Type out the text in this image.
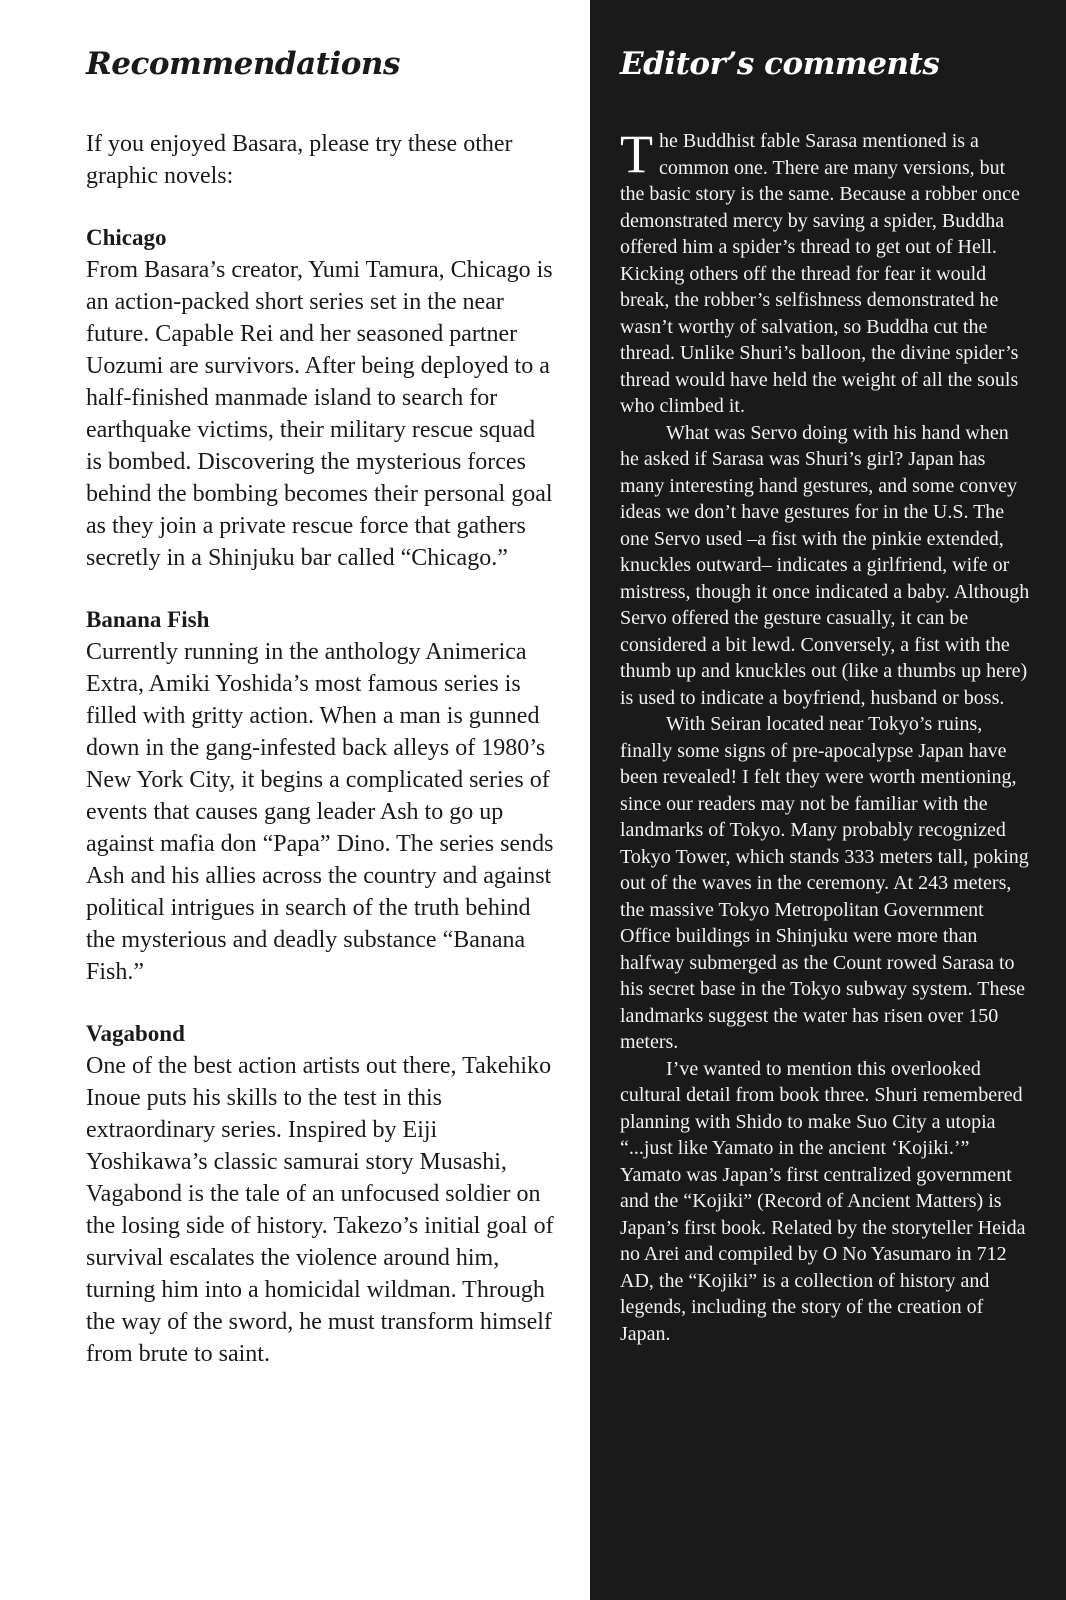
Recommendations

If you enjoyed Basara, please try these other graphic novels:

Chicago

From Basara’s creator, Yumi Tamura, Chicago is an action-packed short series set in the near future. Capable Rei and her seasoned partner Uozumi are survivors. After being deployed to a half-finished manmade island to search for earthquake victims, their military rescue squad is bombed. Discovering the mysterious forces behind the bombing becomes their personal goal as they join a private rescue force that gathers secretly in a Shinjuku bar called “Chicago.”

Banana Fish

Currently running in the anthology Animerica Extra, Amiki Yoshida’s most famous series is filled with gritty action. When a man is gunned down in the gang-infested back alleys of 1980’s New York City, it begins a complicated series of events that causes gang leader Ash to go up against mafia don “Papa” Dino. The series sends Ash and his allies across the country and against political intrigues in search of the truth behind the mysterious and deadly substance “Banana Fish.”

Vagabond

One of the best action artists out there, Takehiko Inoue puts his skills to the test in this extraordinary series. Inspired by Eiji Yoshikawa’s classic samurai story Musashi, Vagabond is the tale of an unfocused soldier on the losing side of history. Takezo’s initial goal of survival escalates the violence around him, turning him into a homicidal wildman. Through the way of the sword, he must transform himself from brute to saint.

Editor’s comments

The Buddhist fable Sarasa mentioned is a common one. There are many versions, but the basic story is the same. Because a robber once demonstrated mercy by saving a spider, Buddha offered him a spider’s thread to get out of Hell. Kicking others off the thread for fear it would break, the robber’s selfishness demonstrated he wasn’t worthy of salvation, so Buddha cut the thread. Unlike Shuri’s balloon, the divine spider’s thread would have held the weight of all the souls who climbed it.

What was Servo doing with his hand when he asked if Sarasa was Shuri’s girl? Japan has many interesting hand gestures, and some convey ideas we don’t have gestures for in the U.S. The one Servo used –a fist with the pinkie extended, knuckles outward– indicates a girlfriend, wife or mistress, though it once indicated a baby. Although Servo offered the gesture casually, it can be considered a bit lewd. Conversely, a fist with the thumb up and knuckles out (like a thumbs up here) is used to indicate a boyfriend, husband or boss.

With Seiran located near Tokyo’s ruins, finally some signs of pre-apocalypse Japan have been revealed! I felt they were worth mentioning, since our readers may not be familiar with the landmarks of Tokyo. Many probably recognized Tokyo Tower, which stands 333 meters tall, poking out of the waves in the ceremony. At 243 meters, the massive Tokyo Metropolitan Government Office buildings in Shinjuku were more than halfway submerged as the Count rowed Sarasa to his secret base in the Tokyo subway system. These landmarks suggest the water has risen over 150 meters.

I’ve wanted to mention this overlooked cultural detail from book three. Shuri remembered planning with Shido to make Suo City a utopia “...just like Yamato in the ancient ‘Kojiki.’” Yamato was Japan’s first centralized government and the “Kojiki” (Record of Ancient Matters) is Japan’s first book. Related by the storyteller Heida no Arei and compiled by O No Yasumaro in 712 AD, the “Kojiki” is a collection of history and legends, including the story of the creation of Japan.
